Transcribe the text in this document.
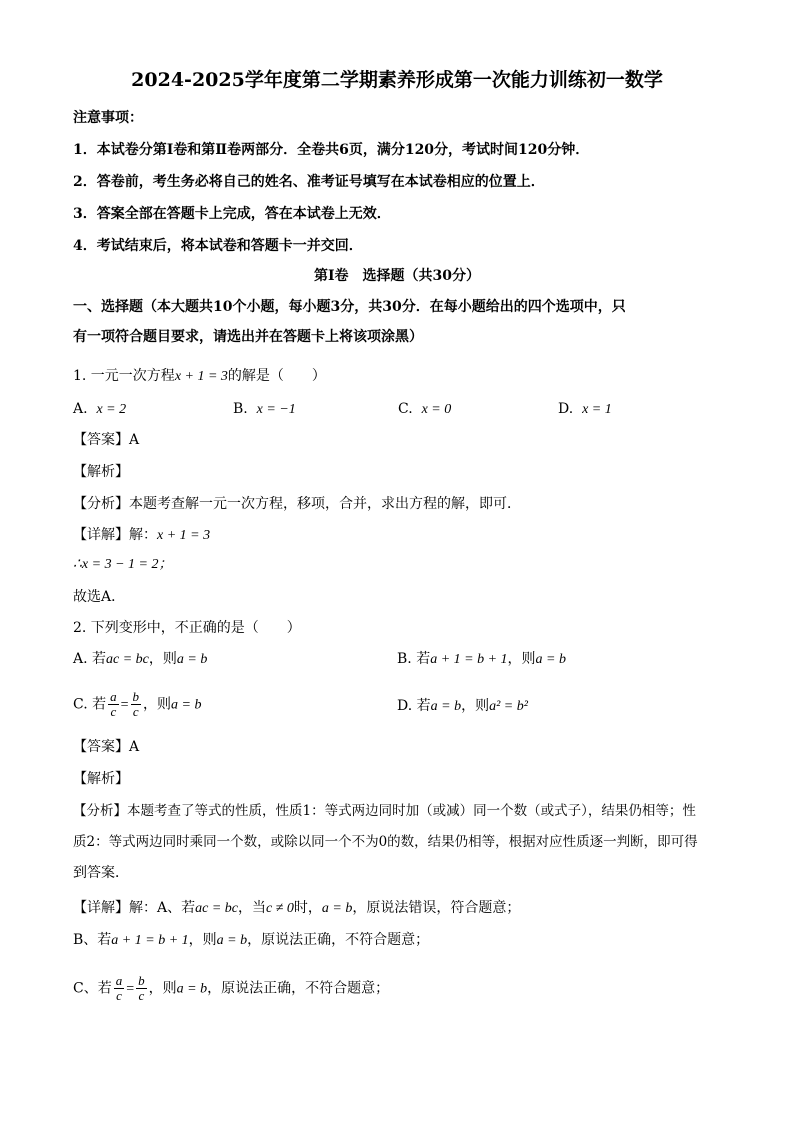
2024-2025学年度第二学期素养形成第一次能力训练初一数学
注意事项：
1．本试卷分第Ⅰ卷和第Ⅱ卷两部分．全卷共6页，满分120分，考试时间120分钟．
2．答卷前，考生务必将自己的姓名、准考证号填写在本试卷相应的位置上．
3．答案全部在答题卡上完成，答在本试卷上无效．
4．考试结束后，将本试卷和答题卡一并交回．
第Ⅰ卷　选择题（共30分）
一、选择题（本大题共10个小题，每小题3分，共30分．在每小题给出的四个选项中，只
有一项符合题目要求，请选出并在答题卡上将该项涂黑）
1. 一元一次方程x + 1 = 3的解是（　　）
A. x = 2	B. x = −1	C. x = 0	D. x = 1
【答案】A
【解析】
【分析】本题考查解一元一次方程，移项，合并，求出方程的解，即可．
【详解】解：x + 1 = 3
∴x = 3 − 1 = 2；
故选A．
2. 下列变形中，不正确的是（　　）
A. 若ac = bc，则a = b	B. 若a + 1 = b + 1，则a = b
C. 若 $\frac{a}{c} = \frac{b}{c}$ ，则a = b	D. 若a = b，则a² = b²
【答案】A
【解析】
【分析】本题考查了等式的性质，性质1：等式两边同时加（或减）同一个数（或式子），结果仍相等；性
质2：等式两边同时乘同一个数，或除以同一个不为0的数，结果仍相等，根据对应性质逐一判断，即可得
到答案．
【详解】解：A、若ac = bc，当c ≠ 0时，a = b，原说法错误，符合题意；
B、若a + 1 = b + 1，则a = b，原说法正确，不符合题意；
C、若 $\frac{a}{c} = \frac{b}{c}$ ，则a = b，原说法正确，不符合题意；
